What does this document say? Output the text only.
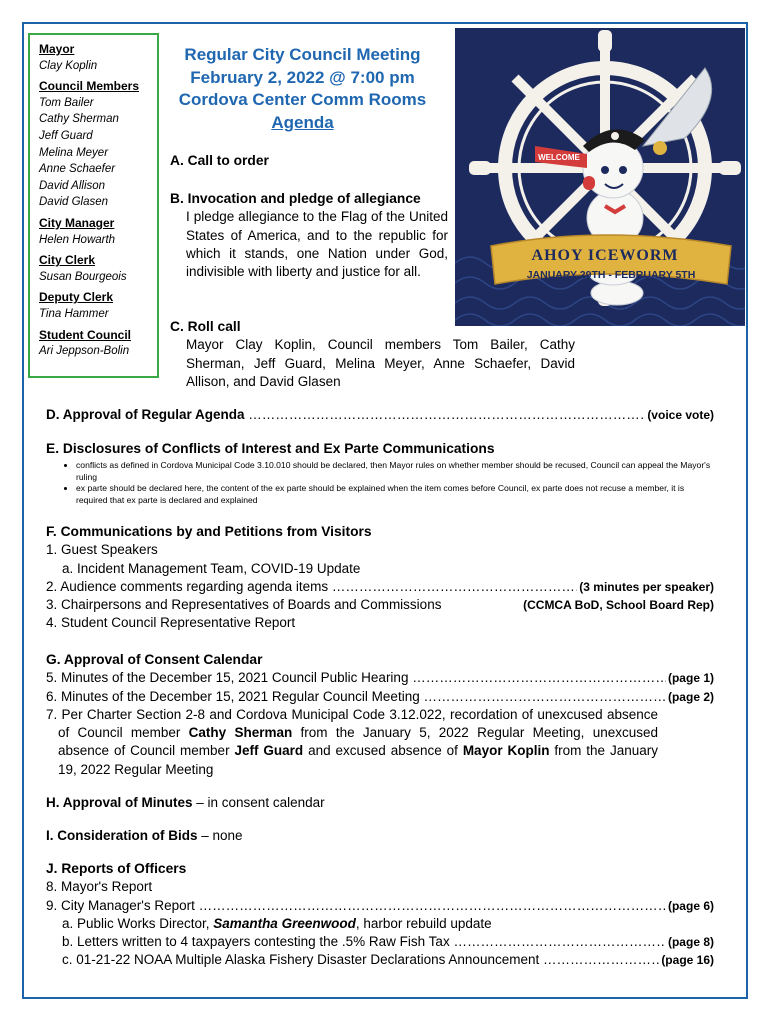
Mayor
Clay Koplin
Council Members
Tom Bailer
Cathy Sherman
Jeff Guard
Melina Meyer
Anne Schaefer
David Allison
David Glasen
City Manager
Helen Howarth
City Clerk
Susan Bourgeois
Deputy Clerk
Tina Hammer
Student Council
Ari Jeppson-Bolin
Regular City Council Meeting
February 2, 2022 @ 7:00 pm
Cordova Center Comm Rooms
Agenda
WELCOME
AHOY ICEWORM
JANUARY 29TH - FEBRUARY 5TH
A. Call to order
B. Invocation and pledge of allegiance
I pledge allegiance to the Flag of the United States of America, and to the republic for which it stands, one Nation under God, indivisible with liberty and justice for all.
C. Roll call
Mayor Clay Koplin, Council members Tom Bailer, Cathy Sherman, Jeff Guard, Melina Meyer, Anne Schaefer, David Allison, and David Glasen
D. Approval of Regular Agenda ………………………………………………………………………………………………………………………………………………………	(voice vote)
E. Disclosures of Conflicts of Interest and Ex Parte Communications
• conflicts as defined in Cordova Municipal Code 3.10.010 should be declared, then Mayor rules on whether member should be recused, Council can appeal the Mayor's ruling
• ex parte should be declared here, the content of the ex parte should be explained when the item comes before Council, ex parte does not recuse a member, it is required that ex parte is declared and explained
F. Communications by and Petitions from Visitors
1. Guest Speakers
a. Incident Management Team, COVID-19 Update
2. Audience comments regarding agenda items ………………………………………………………………………………………………………………………………………………………	(3 minutes per speaker)
3. Chairpersons and Representatives of Boards and Commissions	(CCMCA BoD, School Board Rep)
4. Student Council Representative Report
G. Approval of Consent Calendar
5. Minutes of the December 15, 2021 Council Public Hearing ………………………………………………………………………………………………………………………………………………………	(page 1)
6. Minutes of the December 15, 2021 Regular Council Meeting ………………………………………………………………………………………………………………………………………………………	(page 2)
7. Per Charter Section 2-8 and Cordova Municipal Code 3.12.022, recordation of unexcused absence of Council member Cathy Sherman from the January 5, 2022 Regular Meeting, unexcused absence of Council member Jeff Guard and excused absence of Mayor Koplin from the January 19, 2022 Regular Meeting
H. Approval of Minutes – in consent calendar
I. Consideration of Bids – none
J. Reports of Officers
8. Mayor's Report
9. City Manager's Report ………………………………………………………………………………………………………………………………………………………	(page 6)
a. Public Works Director, Samantha Greenwood, harbor rebuild update
b. Letters written to 4 taxpayers contesting the .5% Raw Fish Tax ………………………………………………………………………………………………………………………………………………………	(page 8)
c. 01-21-22 NOAA Multiple Alaska Fishery Disaster Declarations Announcement ………………………………………………………………………………………………………………………………………………………	(page 16)
